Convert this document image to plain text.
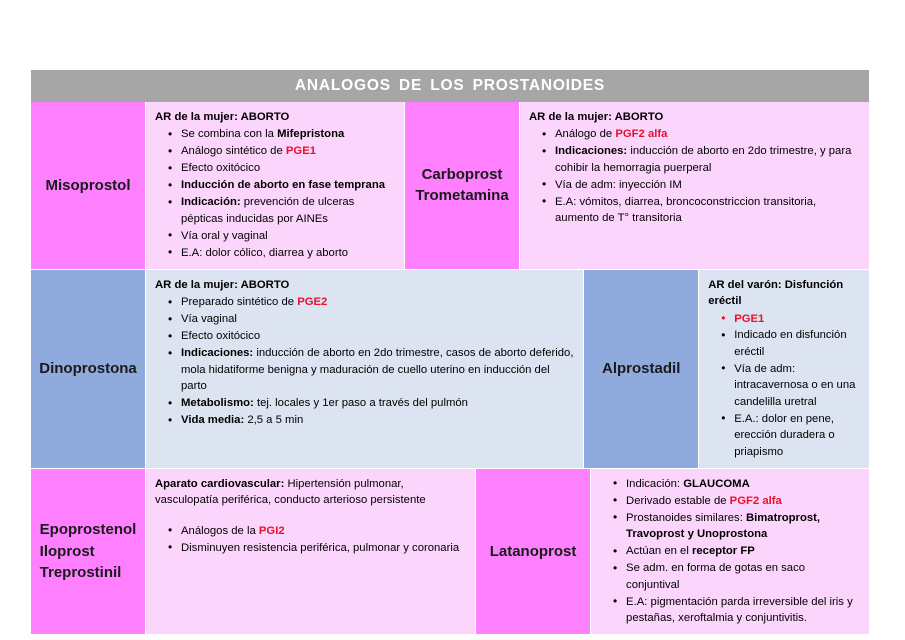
ANALOGOS DE LOS PROSTANOIDES
Misoprostol

AR de la mujer: ABORTO

• Se combina con la Mifepristona
• Análogo sintético de PGE1
• Efecto oxitócico
• Inducción de aborto en fase temprana
• Indicación: prevención de ulceras pépticas inducidas por AINEs
• Vía oral y vaginal
• E.A: dolor cólico, diarrea y aborto
Carboprost Trometamina

AR de la mujer: ABORTO

• Análogo de PGF2 alfa
• Indicaciones: inducción de aborto en 2do trimestre, y para cohibir la hemorragia puerperal
• Vía de adm: inyección IM
• E.A: vómitos, diarrea, broncoconstriccion transitoria, aumento de T° transitoria
Dinoprostona

AR de la mujer: ABORTO

• Preparado sintético de PGE2
• Vía vaginal
• Efecto oxitócico
• Indicaciones: inducción de aborto en 2do trimestre, casos de aborto deferido, mola hidatiforme benigna y maduración de cuello uterino en inducción del parto
• Metabolismo: tej. locales y 1er paso a través del pulmón
• Vida media: 2,5 a 5 min
Alprostadil

AR del varón: Disfunción eréctil

• PGE1
• Indicado en disfunción eréctil
• Vía de adm: intracavernosa o en una candelilla uretral
• E.A.: dolor en pene, erección duradera o priapismo
Epoprostenol
Iloprost
Treprostinil

Aparato cardiovascular: Hipertensión pulmonar, vasculopatía periférica, conducto arterioso persistente

• Análogos de la PGI2
• Disminuyen resistencia periférica, pulmonar y coronaria	Latanoprost
• Indicación: GLAUCOMA
• Derivado estable de PGF2 alfa
• Prostanoides similares: Bimatroprost, Travoprost y Unoprostona
• Actúan en el receptor FP
• Se adm. en forma de gotas en saco conjuntival
• E.A: pigmentación parda irreversible del iris y pestañas, xeroftalmia y conjuntivitis.
